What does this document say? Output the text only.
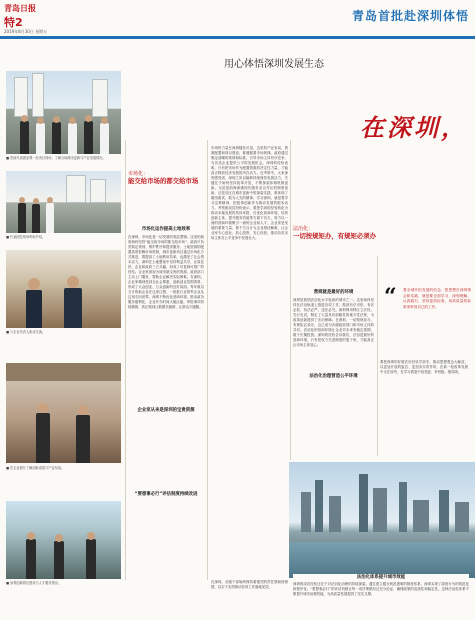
青岛日报
特2
2019年8月30日 星期五
青岛首批赴深圳体悟
用心体悟深圳发展生态
在深圳，
■ 党政代表团参观一处项目现场，了解当地城市更新与产业发展情况。
■ 代表团在现场听取介绍。
■ 与企业负责人座谈交流。
■ 在企业展厅了解创新成果与产业布局。
■ 参观创新园区建设与人才服务情况。
市场化：
能交给市场的都交给市场
市场化运作提高土地效率
在深圳，市场化是一切发展的底层逻辑。这里的政府始终坚持“能交给市场的都交给市场”，政府只负责制定规则、维护秩序和提供服务。土地资源的配置高度依赖市场机制，城市更新项目通过市场化方式推进，既提高了土地利用效率，也激发了社会资本活力。深圳在土地整备中坚持利益共享，让原住民、企业和政府三方共赢，形成了可复制可推广的经验。企业家被视为城市最宝贵的资源，政府部门主动上门服务，帮助企业解决实际困难。在深圳，企业家精神受到全社会尊重，创新创业氛围浓厚，形成了大众创业、万众创新的良好局面。每年数以万计的新企业在这里注册，一批批行业领军企业从这里走向世界。深圳不断优化营商环境，推动政务服务便利化，企业开办时间大幅压缩，审批事项持续精简，真正做到让数据多跑路、让群众少跑腿。
企业家从来是深圳的宝贵资源
“要想事必行”评估制度持续改进
市场的力量在深圳随处可见。这里的产业布局、资源配置和项目建设，都遵循着市场规律。政府通过制定清晰的规则和标准，引导市场主体有序竞争，为各类企业提供公平的发展机会。深圳的经验表明，只有把市场作为配置资源的决定性力量，才能真正释放经济发展的内在动力。在考察中，大家深刻感受到，深圳之所以能够持续保持发展活力，关键在于始终坚持改革开放，不断探索体制机制创新。无论是前海深港现代服务业合作区的制度创新，还是各区在城市更新中的探索实践，都体现了敢闯敢试、敢为人先的精神。学习深圳，就是要学习这种精神，把改革创新作为推动发展的根本动力。考察团成员纷纷表示，要把学到的经验转化为推动本地发展的具体举措，在优化营商环境、培育创新主体、提升服务效能等方面下功夫，努力以一流的营商环境吸引一流的企业和人才。企业家是发展的重要力量，要千方百计为企业排忧解难，让企业家专心创业、放心投资、安心经营，推动各类市场主体在公平竞争中发展壮大。
法治化：
一切按规矩办，有规矩必须办
营商就是最好的环境
深圳是我国法治化水平较高的城市之一。这里始终坚持在法治轨道上推进各项工作，做到有法可依、有法必依、执法必严、违法必究。深圳利用特区立法权，先行先试，制定了大量具有前瞻性的地方性法规，为改革创新提供了法治保障。在深圳，一切按规矩办，有规矩必须办，这已成为各级政府部门和市场主体的共识。法治化的营商环境让企业对未来有稳定预期，敢于长期投资。深圳的经验告诉我们，法治是最好的营商环境，只有把权力关进制度的笼子里，才能真正让市场主体放心。
法治化治理营造公平环境
“ 要全城开拓发展的信念，把思想在深圳领会和实践，就是要全面学习、深刻理解、认真践行，坚持更高标准，用高质量的标准来审视自己的工作。
要把深圳的好做法好经验学到手，推动思想观念大解放，以更加开放的姿态、更加务实的作风，在新一轮改革发展中走在前列，在学习借鉴中找差距、补短板、强弱项。
在深圳，各级干部始终保持着强烈的责任感和使命感，以实干实绩推动各项工作落地见效。
法治化体系提升城市效能
深圳的成功经验还在于对法治化治理的持续探索。通过建立健全规范透明的制度体系，深圳实现了政府行为的规范化和程序化。“要想事必行”的评估机制让每一项决策都经过充分论证，确保政策的连续性和稳定性。这种法治化体系不断提升城市治理效能，为高质量发展提供了坚实支撑。
